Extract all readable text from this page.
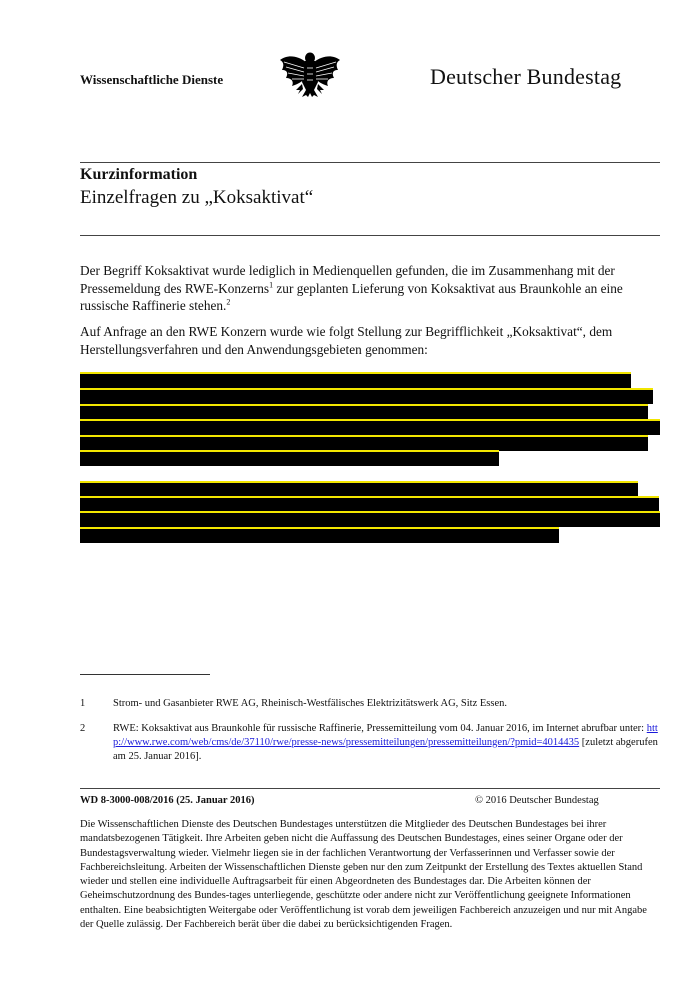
Wissenschaftliche Dienste	Deutscher Bundestag
Kurzinformation
Einzelfragen zu „Koksaktivat“
Der Begriff Koksaktivat wurde lediglich in Medienquellen gefunden, die im Zusammenhang mit der Pressemeldung des RWE-Konzerns$^1$ zur geplanten Lieferung von Koksaktivat aus Braunkohle an eine russische Raffinerie stehen.$^2$
Auf Anfrage an den RWE Konzern wurde wie folgt Stellung zur Begrifflichkeit „Koksaktivat“, dem Herstellungsverfahren und den Anwendungsgebieten genommen:
1	Strom- und Gasanbieter RWE AG, Rheinisch-Westfälisches Elektrizitätswerk AG, Sitz Essen.
2	RWE: Koksaktivat aus Braunkohle für russische Raffinerie, Pressemitteilung vom 04. Januar 2016, im Internet abrufbar unter: http://www.rwe.com/web/cms/de/37110/rwe/presse-news/pressemitteilungen/pressemitteilungen/?pmid=4014435 [zuletzt abgerufen am 25. Januar 2016].
WD 8-3000-008/2016 (25. Januar 2016)	© 2016 Deutscher Bundestag
Die Wissenschaftlichen Dienste des Deutschen Bundestages unterstützen die Mitglieder des Deutschen Bundestages bei ihrer mandatsbezogenen Tätigkeit. Ihre Arbeiten geben nicht die Auffassung des Deutschen Bundestages, eines seiner Organe oder der Bundestagsverwaltung wieder. Vielmehr liegen sie in der fachlichen Verantwortung der Verfasserinnen und Verfasser sowie der Fachbereichsleitung. Arbeiten der Wissenschaftlichen Dienste geben nur den zum Zeitpunkt der Erstellung des Textes aktuellen Stand wieder und stellen eine individuelle Auftragsarbeit für einen Abgeordneten des Bundestages dar. Die Arbeiten können der Geheimschutzordnung des Bundes-tages unterliegende, geschützte oder andere nicht zur Veröffentlichung geeignete Informationen enthalten. Eine beabsichtigten Weitergabe oder Veröffentlichung ist vorab dem jeweiligen Fachbereich anzuzeigen und nur mit Angabe der Quelle zulässig. Der Fachbereich berät über die dabei zu berücksichtigenden Fragen.
